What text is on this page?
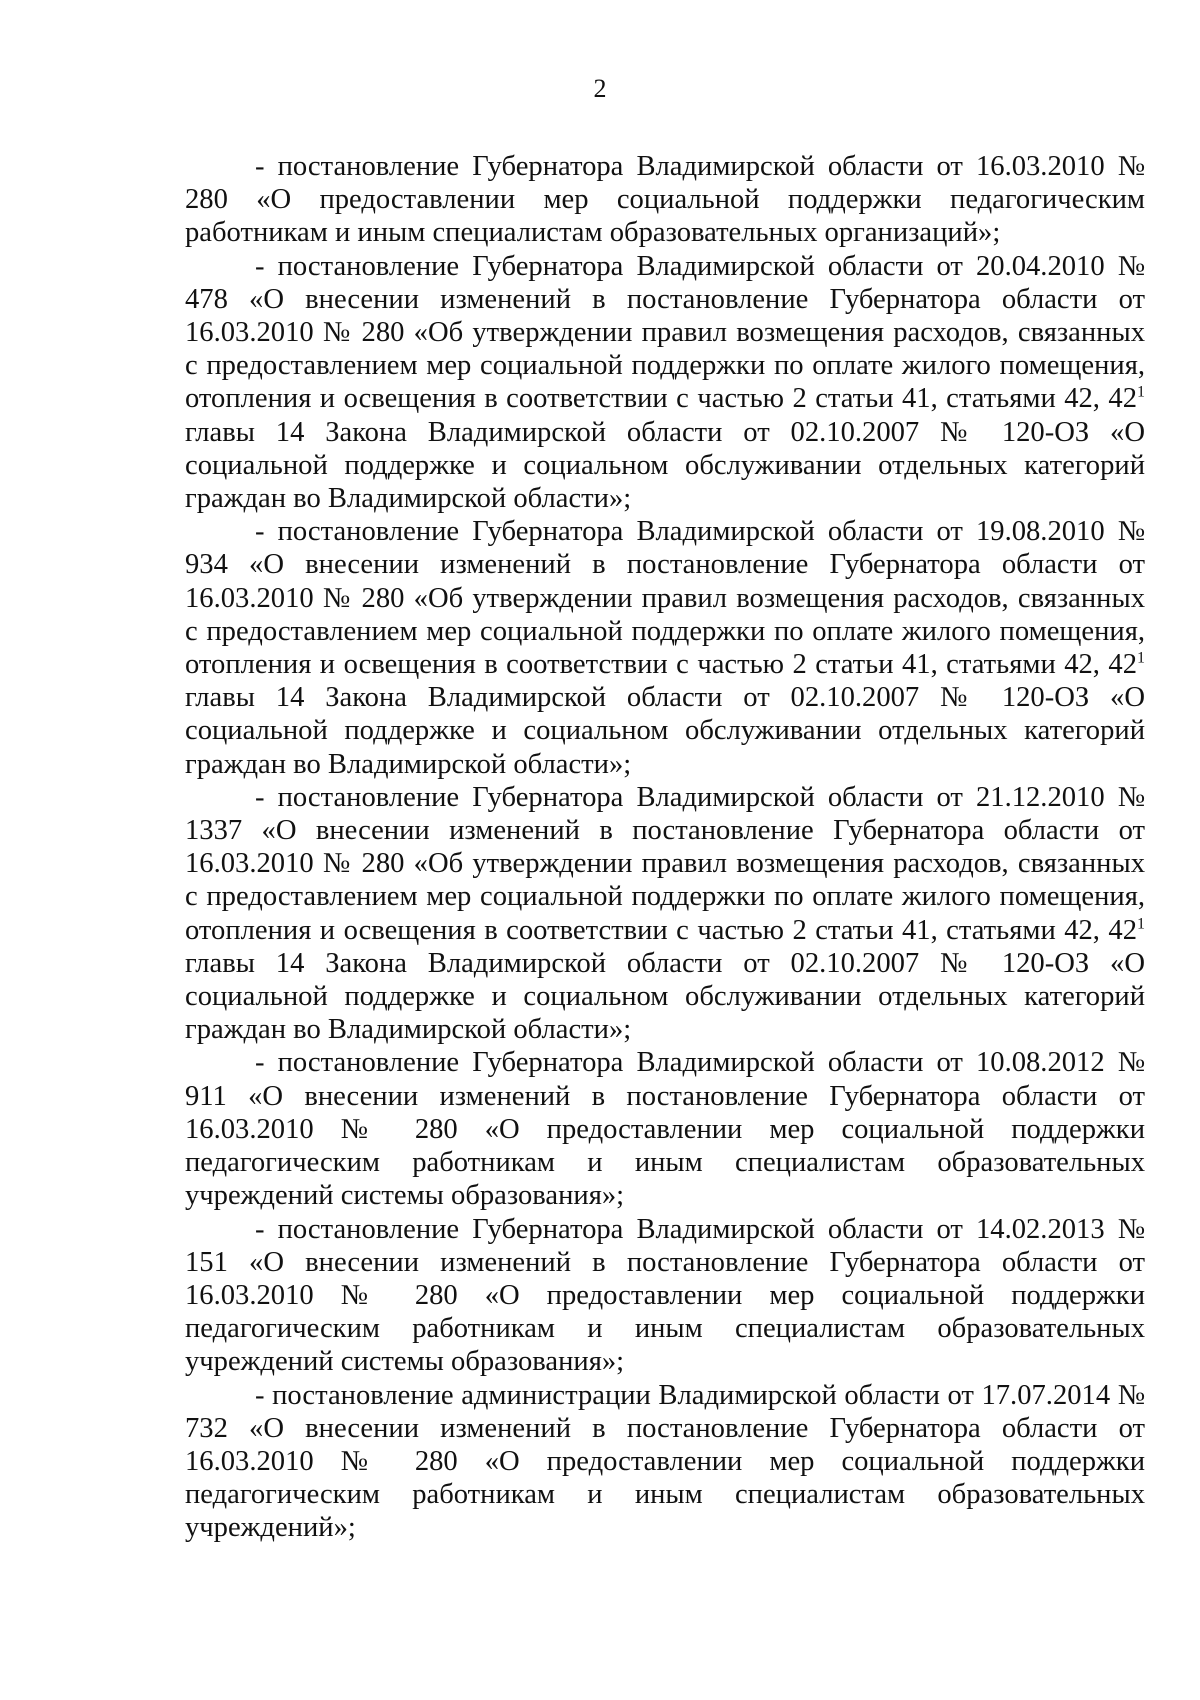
2

- постановление Губернатора Владимирской области от 16.03.2010 № 280 «О предоставлении мер социальной поддержки педагогическим работникам и иным специалистам образовательных организаций»;

- постановление Губернатора Владимирской области от 20.04.2010 № 478 «О внесении изменений в постановление Губернатора области от 16.03.2010 № 280 «Об утверждении правил возмещения расходов, связанных с предоставлением мер социальной поддержки по оплате жилого помещения, отопления и освещения в соответствии с частью 2 статьи 41, статьями 42, $42^1$ главы 14 Закона Владимирской области от 02.10.2007 № 120-ОЗ «О социальной поддержке и социальном обслуживании отдельных категорий граждан во Владимирской области»;

- постановление Губернатора Владимирской области от 19.08.2010 № 934 «О внесении изменений в постановление Губернатора области от 16.03.2010 № 280 «Об утверждении правил возмещения расходов, связанных с предоставлением мер социальной поддержки по оплате жилого помещения, отопления и освещения в соответствии с частью 2 статьи 41, статьями 42, $42^1$ главы 14 Закона Владимирской области от 02.10.2007 № 120-ОЗ «О социальной поддержке и социальном обслуживании отдельных категорий граждан во Владимирской области»;

- постановление Губернатора Владимирской области от 21.12.2010 № 1337 «О внесении изменений в постановление Губернатора области от 16.03.2010 № 280 «Об утверждении правил возмещения расходов, связанных с предоставлением мер социальной поддержки по оплате жилого помещения, отопления и освещения в соответствии с частью 2 статьи 41, статьями 42, $42^1$ главы 14 Закона Владимирской области от 02.10.2007 № 120-ОЗ «О социальной поддержке и социальном обслуживании отдельных категорий граждан во Владимирской области»;

- постановление Губернатора Владимирской области от 10.08.2012 № 911 «О внесении изменений в постановление Губернатора области от 16.03.2010 № 280 «О предоставлении мер социальной поддержки педагогическим работникам и иным специалистам образовательных учреждений системы образования»;

- постановление Губернатора Владимирской области от 14.02.2013 № 151 «О внесении изменений в постановление Губернатора области от 16.03.2010 № 280 «О предоставлении мер социальной поддержки педагогическим работникам и иным специалистам образовательных учреждений системы образования»;

- постановление администрации Владимирской области от 17.07.2014 № 732 «О внесении изменений в постановление Губернатора области от 16.03.2010 № 280 «О предоставлении мер социальной поддержки педагогическим работникам и иным специалистам образовательных учреждений»;
